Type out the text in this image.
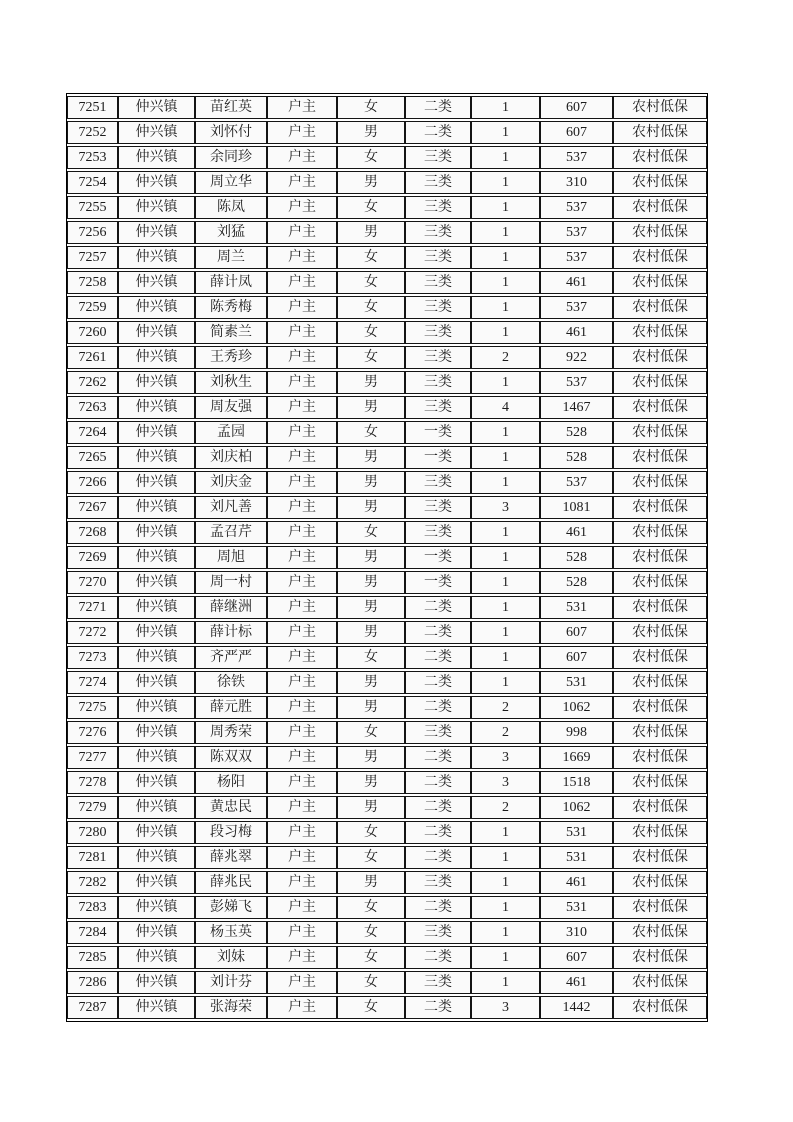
7251	仲兴镇	苗红英	户主	女	二类	1	607	农村低保
7252	仲兴镇	刘怀付	户主	男	二类	1	607	农村低保
7253	仲兴镇	余同珍	户主	女	三类	1	537	农村低保
7254	仲兴镇	周立华	户主	男	三类	1	310	农村低保
7255	仲兴镇	陈凤	户主	女	三类	1	537	农村低保
7256	仲兴镇	刘猛	户主	男	三类	1	537	农村低保
7257	仲兴镇	周兰	户主	女	三类	1	537	农村低保
7258	仲兴镇	薛计凤	户主	女	三类	1	461	农村低保
7259	仲兴镇	陈秀梅	户主	女	三类	1	537	农村低保
7260	仲兴镇	简素兰	户主	女	三类	1	461	农村低保
7261	仲兴镇	王秀珍	户主	女	三类	2	922	农村低保
7262	仲兴镇	刘秋生	户主	男	三类	1	537	农村低保
7263	仲兴镇	周友强	户主	男	三类	4	1467	农村低保
7264	仲兴镇	孟园	户主	女	一类	1	528	农村低保
7265	仲兴镇	刘庆柏	户主	男	一类	1	528	农村低保
7266	仲兴镇	刘庆金	户主	男	三类	1	537	农村低保
7267	仲兴镇	刘凡善	户主	男	三类	3	1081	农村低保
7268	仲兴镇	孟召芹	户主	女	三类	1	461	农村低保
7269	仲兴镇	周旭	户主	男	一类	1	528	农村低保
7270	仲兴镇	周一村	户主	男	一类	1	528	农村低保
7271	仲兴镇	薛继洲	户主	男	二类	1	531	农村低保
7272	仲兴镇	薛计标	户主	男	二类	1	607	农村低保
7273	仲兴镇	齐严严	户主	女	二类	1	607	农村低保
7274	仲兴镇	徐铁	户主	男	二类	1	531	农村低保
7275	仲兴镇	薛元胜	户主	男	二类	2	1062	农村低保
7276	仲兴镇	周秀荣	户主	女	三类	2	998	农村低保
7277	仲兴镇	陈双双	户主	男	二类	3	1669	农村低保
7278	仲兴镇	杨阳	户主	男	二类	3	1518	农村低保
7279	仲兴镇	黄忠民	户主	男	二类	2	1062	农村低保
7280	仲兴镇	段习梅	户主	女	二类	1	531	农村低保
7281	仲兴镇	薛兆翠	户主	女	二类	1	531	农村低保
7282	仲兴镇	薛兆民	户主	男	三类	1	461	农村低保
7283	仲兴镇	彭娣飞	户主	女	二类	1	531	农村低保
7284	仲兴镇	杨玉英	户主	女	三类	1	310	农村低保
7285	仲兴镇	刘妹	户主	女	二类	1	607	农村低保
7286	仲兴镇	刘计芬	户主	女	三类	1	461	农村低保
7287	仲兴镇	张海荣	户主	女	二类	3	1442	农村低保
